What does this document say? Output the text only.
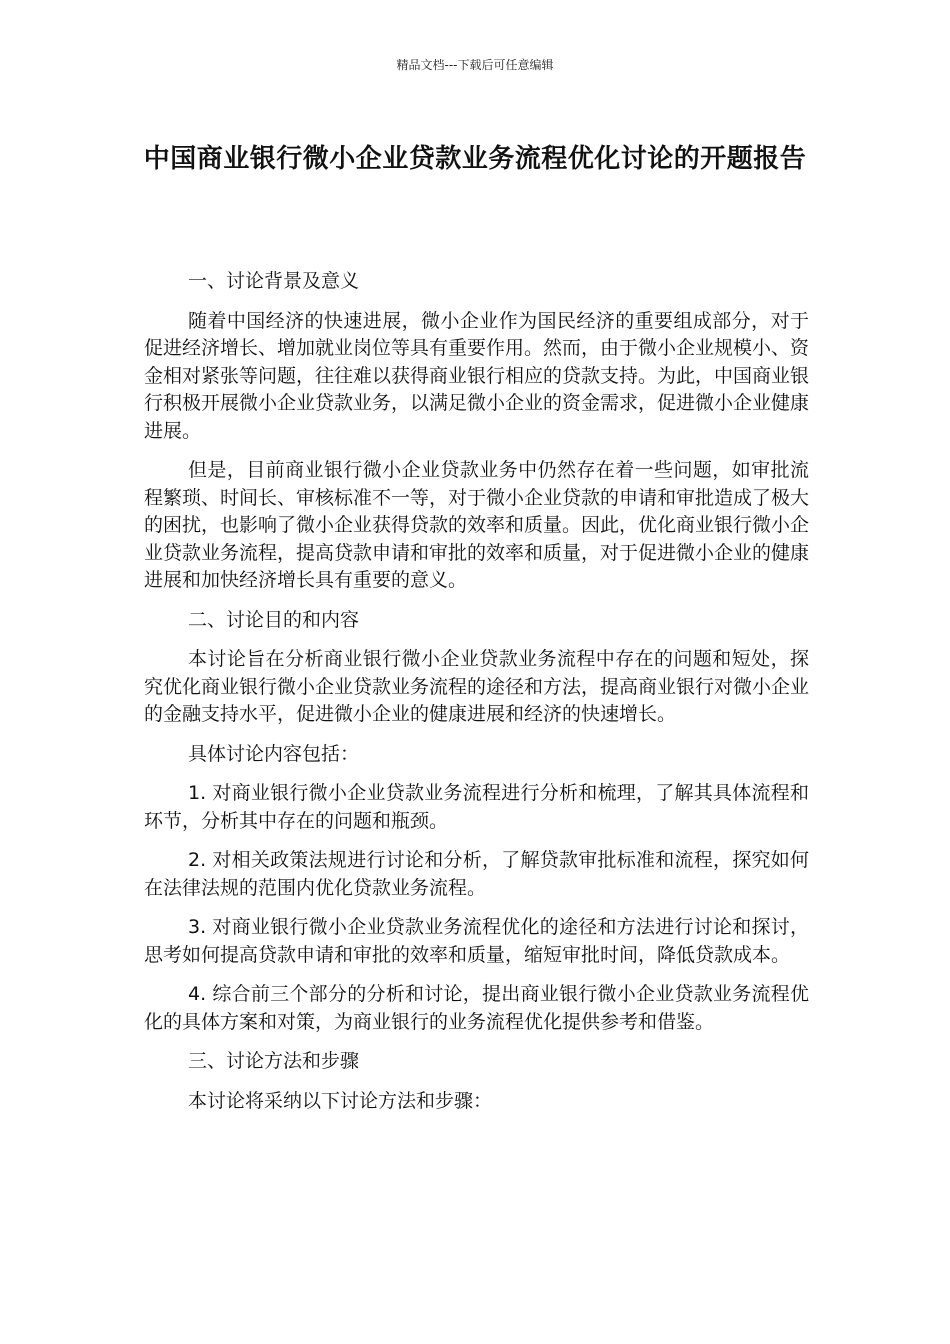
精品文档---下载后可任意编辑
中国商业银行微小企业贷款业务流程优化讨论的开题报告

一、讨论背景及意义

随着中国经济的快速进展，微小企业作为国民经济的重要组成部分，对于促进经济增长、增加就业岗位等具有重要作用。然而，由于微小企业规模小、资金相对紧张等问题，往往难以获得商业银行相应的贷款支持。为此，中国商业银行积极开展微小企业贷款业务，以满足微小企业的资金需求，促进微小企业健康进展。

但是，目前商业银行微小企业贷款业务中仍然存在着一些问题，如审批流程繁琐、时间长、审核标准不一等，对于微小企业贷款的申请和审批造成了极大的困扰，也影响了微小企业获得贷款的效率和质量。因此，优化商业银行微小企业贷款业务流程，提高贷款申请和审批的效率和质量，对于促进微小企业的健康进展和加快经济增长具有重要的意义。

二、讨论目的和内容

本讨论旨在分析商业银行微小企业贷款业务流程中存在的问题和短处，探究优化商业银行微小企业贷款业务流程的途径和方法，提高商业银行对微小企业的金融支持水平，促进微小企业的健康进展和经济的快速增长。

具体讨论内容包括：

1. 对商业银行微小企业贷款业务流程进行分析和梳理，了解其具体流程和环节，分析其中存在的问题和瓶颈。

2. 对相关政策法规进行讨论和分析，了解贷款审批标准和流程，探究如何在法律法规的范围内优化贷款业务流程。

3. 对商业银行微小企业贷款业务流程优化的途径和方法进行讨论和探讨，思考如何提高贷款申请和审批的效率和质量，缩短审批时间，降低贷款成本。

4. 综合前三个部分的分析和讨论，提出商业银行微小企业贷款业务流程优化的具体方案和对策，为商业银行的业务流程优化提供参考和借鉴。

三、讨论方法和步骤

本讨论将采纳以下讨论方法和步骤：
